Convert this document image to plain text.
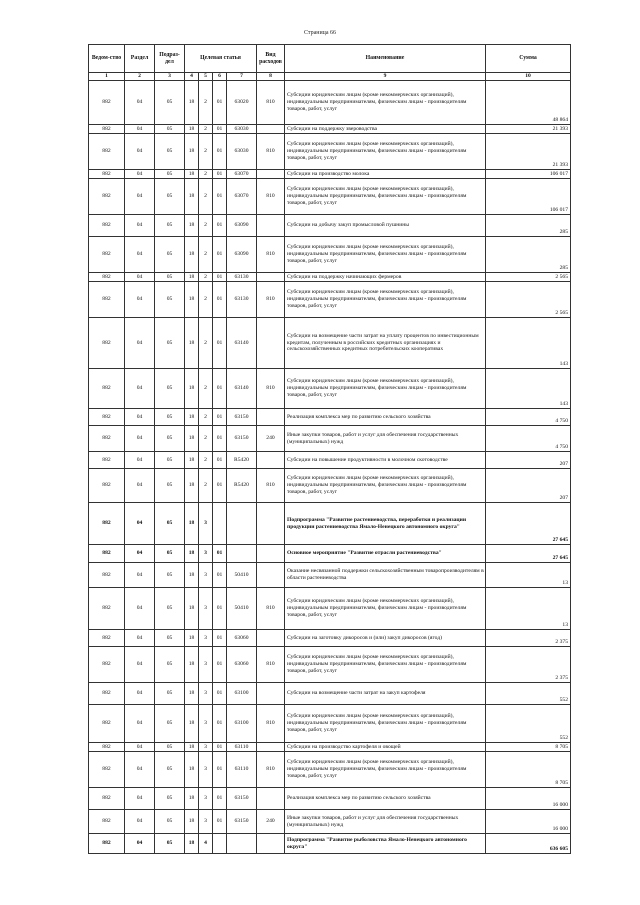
Страница 66
Ведом-ство	Раздел	Подраз-дел	Целевая статья				Вид расходов	Наименование	Сумма
1	2	3	4	5	6	7	8	9	10
882	04	05	18	2	01	63020	810	Субсидии юридическим лицам (кроме некоммерческих организаций), индивидуальным предпринимателям, физическим лицам - производителям товаров, работ, услуг	48 864
882	04	05	18	2	01	63030		Субсидии на поддержку звероводства	21 393
882	04	05	18	2	01	63030	810	Субсидии юридическим лицам (кроме некоммерческих организаций), индивидуальным предпринимателям, физическим лицам - производителям товаров, работ, услуг	21 393
882	04	05	18	2	01	63070		Субсидии на производство молока	106 017
882	04	05	18	2	01	63070	810	Субсидии юридическим лицам (кроме некоммерческих организаций), индивидуальным предпринимателям, физическим лицам - производителям товаров, работ, услуг	106 017
882	04	05	18	2	01	63090		Субсидии на добычу закуп промысловой пушнины	285
882	04	05	18	2	01	63090	810	Субсидии юридическим лицам (кроме некоммерческих организаций), индивидуальным предпринимателям, физическим лицам - производителям товаров, работ, услуг	285
882	04	05	18	2	01	63130		Субсидии на поддержку начинающих фермеров	2 565
882	04	05	18	2	01	63130	810	Субсидии юридическим лицам (кроме некоммерческих организаций), индивидуальным предпринимателям, физическим лицам - производителям товаров, работ, услуг	2 565
882	04	05	18	2	01	63140		Субсидии на возмещение части затрат на уплату процентов по инвестиционным кредитам, полученным в российских кредитных организациях и сельскохозяйственных кредитных потребительских кооперативах	143
882	04	05	18	2	01	63140	810	Субсидии юридическим лицам (кроме некоммерческих организаций), индивидуальным предпринимателям, физическим лицам - производителям товаров, работ, услуг	143
882	04	05	18	2	01	63150		Реализация комплекса мер по развитию сельского хозяйства	4 750
882	04	05	18	2	01	63150	240	Иные закупки товаров, работ и услуг для обеспечения государственных (муниципальных) нужд	4 750
882	04	05	18	2	01	R5420		Субсидии на повышение продуктивности в молочном скотоводстве	207
882	04	05	18	2	01	R5420	810	Субсидии юридическим лицам (кроме некоммерческих организаций), индивидуальным предпринимателям, физическим лицам - производителям товаров, работ, услуг	207
882	04	05	18	3				Подпрограмма "Развитие растениеводства, переработки и реализации продукции растениеводства Ямало-Ненецкого автономного округа"	27 645
882	04	05	18	3	01			Основное мероприятие "Развитие отрасли растениеводства"	27 645
882	04	05	18	3	01	50410		Оказание несвязанной поддержки сельскохозяйственным товаропроизводителям в области растениеводства	13
882	04	05	18	3	01	50410	810	Субсидии юридическим лицам (кроме некоммерческих организаций), индивидуальным предпринимателям, физическим лицам - производителям товаров, работ, услуг	13
882	04	05	18	3	01	63060		Субсидии на заготовку дикоросов и (или) закуп дикоросов (ягод)	2 375
882	04	05	18	3	01	63060	810	Субсидии юридическим лицам (кроме некоммерческих организаций), индивидуальным предпринимателям, физическим лицам - производителям товаров, работ, услуг	2 375
882	04	05	18	3	01	63100		Субсидии на возмещение части затрат на закуп картофеля	552
882	04	05	18	3	01	63100	810	Субсидии юридическим лицам (кроме некоммерческих организаций), индивидуальным предпринимателям, физическим лицам - производителям товаров, работ, услуг	552
882	04	05	18	3	01	63110		Субсидии на производство картофеля и овощей	8 705
882	04	05	18	3	01	63110	810	Субсидии юридическим лицам (кроме некоммерческих организаций), индивидуальным предпринимателям, физическим лицам - производителям товаров, работ, услуг	8 705
882	04	05	18	3	01	63150		Реализация комплекса мер по развитию сельского хозяйства	16 000
882	04	05	18	3	01	63150	240	Иные закупки товаров, работ и услуг для обеспечения государственных (муниципальных) нужд	16 000
882	04	05	18	4				Подпрограмма "Развитие рыболовства Ямало-Ненецкого автономного округа"	636 605
